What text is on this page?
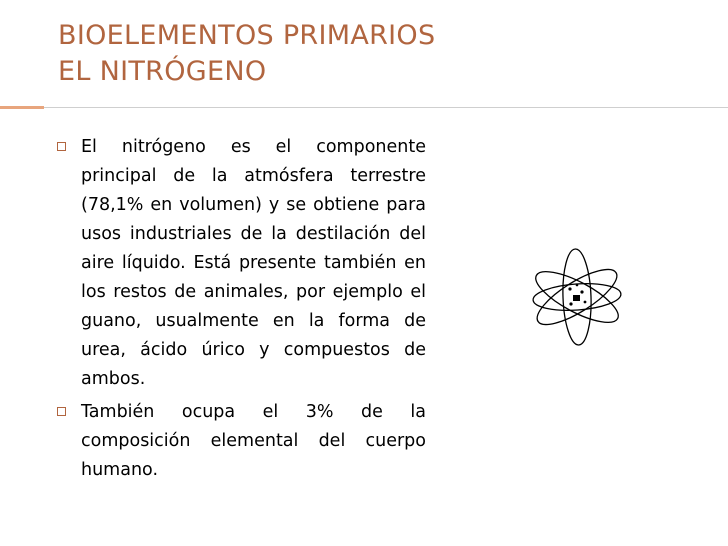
BIOELEMENTOS PRIMARIOS
EL NITRÓGENO
El nitrógeno es el componente principal de la atmósfera terrestre (78,1% en volumen) y se obtiene para usos industriales de la destilación del aire líquido. Está presente también en los restos de animales, por ejemplo el guano, usualmente en la forma de urea, ácido úrico y compuestos de ambos.
También ocupa el 3% de la composición elemental del cuerpo humano.
